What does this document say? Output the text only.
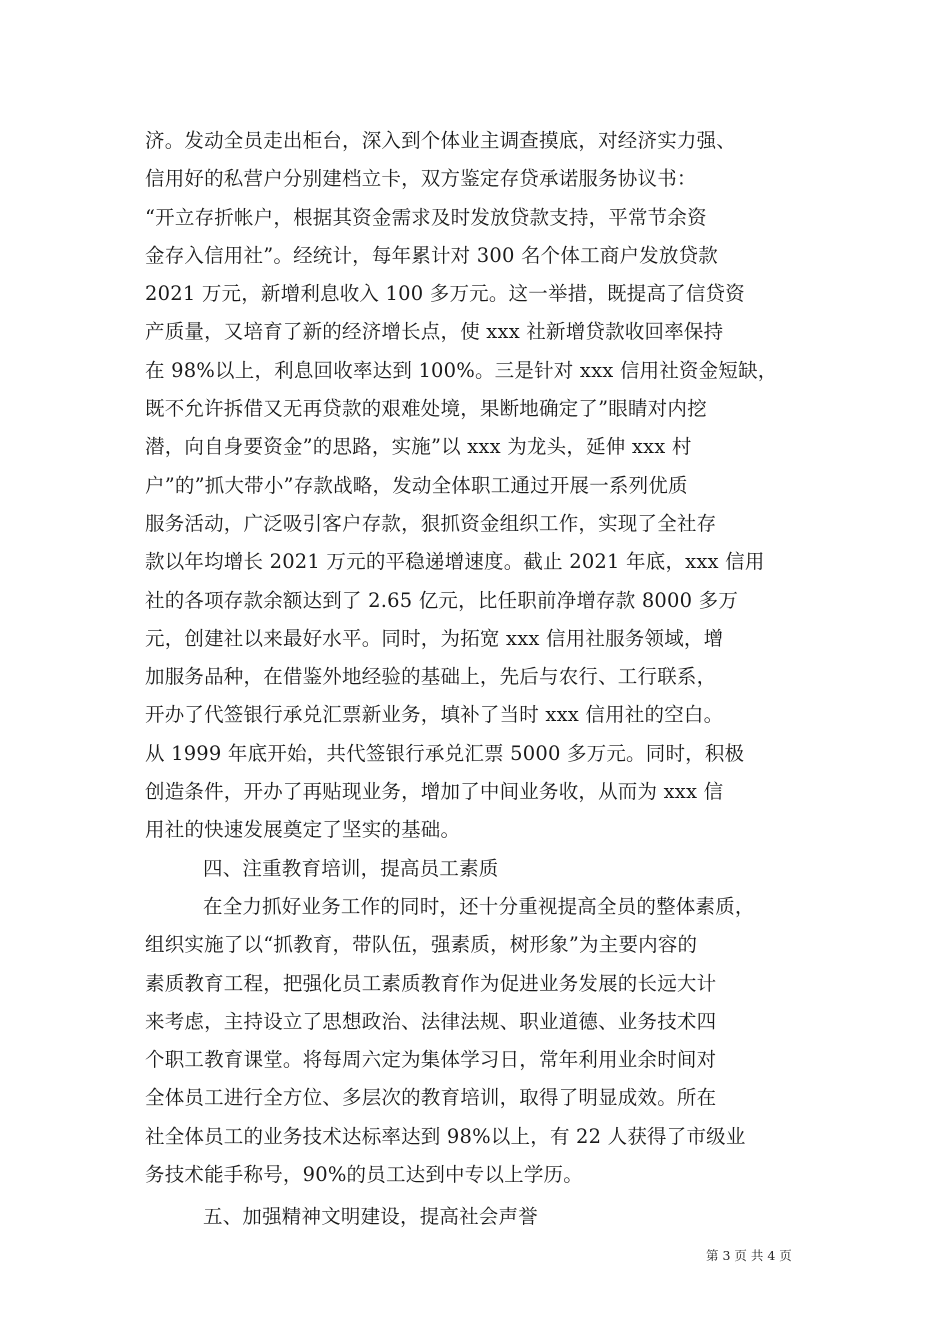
济。发动全员走出柜台，深入到个体业主调查摸底，对经济实力强、
信用好的私营户分别建档立卡，双方鉴定存贷承诺服务协议书：
“开立存折帐户，根据其资金需求及时发放贷款支持，平常节余资
金存入信用社”。经统计，每年累计对 300 名个体工商户发放贷款
2021 万元，新增利息收入 100 多万元。这一举措，既提高了信贷资
产质量，又培育了新的经济增长点，使 xxx 社新增贷款收回率保持
在 98%以上，利息回收率达到 100%。三是针对 xxx 信用社资金短缺，
既不允许拆借又无再贷款的艰难处境，果断地确定了”眼睛对内挖
潜，向自身要资金”的思路，实施”以 xxx 为龙头，延伸 xxx 村
户”的”抓大带小”存款战略，发动全体职工通过开展一系列优质
服务活动，广泛吸引客户存款，狠抓资金组织工作，实现了全社存
款以年均增长 2021 万元的平稳递增速度。截止 2021 年底，xxx 信用
社的各项存款余额达到了 2.65 亿元，比任职前净增存款 8000 多万
元，创建社以来最好水平。同时，为拓宽 xxx 信用社服务领域，增
加服务品种，在借鉴外地经验的基础上，先后与农行、工行联系，
开办了代签银行承兑汇票新业务，填补了当时 xxx 信用社的空白。
从 1999 年底开始，共代签银行承兑汇票 5000 多万元。同时，积极
创造条件，开办了再贴现业务，增加了中间业务收，从而为 xxx 信
用社的快速发展奠定了坚实的基础。
四、注重教育培训，提高员工素质
在全力抓好业务工作的同时，还十分重视提高全员的整体素质，
组织实施了以“抓教育，带队伍，强素质，树形象”为主要内容的
素质教育工程，把强化员工素质教育作为促进业务发展的长远大计
来考虑，主持设立了思想政治、法律法规、职业道德、业务技术四
个职工教育课堂。将每周六定为集体学习日，常年利用业余时间对
全体员工进行全方位、多层次的教育培训，取得了明显成效。所在
社全体员工的业务技术达标率达到 98%以上，有 22 人获得了市级业
务技术能手称号，90%的员工达到中专以上学历。
五、加强精神文明建设，提高社会声誉
第 3 页 共 4 页
